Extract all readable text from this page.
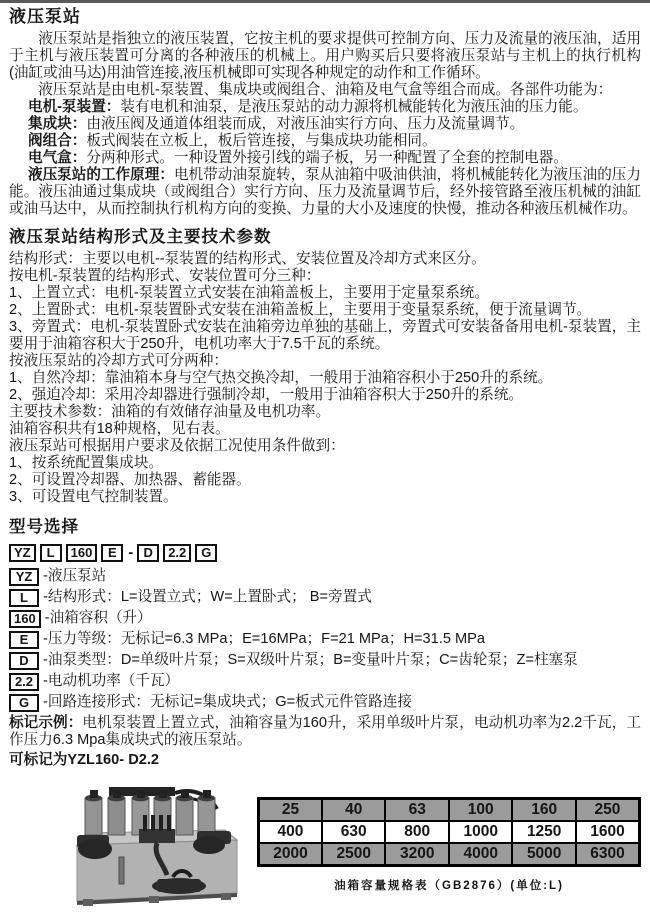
液压泵站

液压泵站是指独立的液压装置，它按主机的要求提供可控制方向、压力及流量的液压油，适用于主机与液压装置可分离的各种液压的机械上。用户购买后只要将液压泵站与主机上的执行机构(油缸或油马达)用油管连接,液压机械即可实现各种规定的动作和工作循环。

液压泵站是由电机-泵装置、集成块或阀组合、油箱及电气盒等组合而成。各部件功能为：

电机-泵装置：装有电机和油泵，是液压泵站的动力源将机械能转化为液压油的压力能。

集成块：由液压阀及通道体组装而成，对液压油实行方向、压力及流量调节。

阀组合：板式阀装在立板上，板后管连接，与集成块功能相同。

电气盒：分两种形式。一种设置外接引线的端子板，另一种配置了全套的控制电器。

液压泵站的工作原理：电机带动油泵旋转，泵从油箱中吸油供油，将机械能转化为液压油的压力能。液压油通过集成块（或阀组合）实行方向、压力及流量调节后，经外接管路至液压机械的油缸或油马达中，从而控制执行机构方向的变换、力量的大小及速度的快慢，推动各种液压机械作功。

液压泵站结构形式及主要技术参数

结构形式：主要以电机--泵装置的结构形式、安装位置及冷却方式来区分。

按电机-泵装置的结构形式、安装位置可分三种：

1、上置立式：电机-泵装置立式安装在油箱盖板上，主要用于定量泵系统。

2、上置卧式：电机-泵装置卧式安装在油箱盖板上，主要用于变量泵系统，便于流量调节。

3、旁置式：电机-泵装置卧式安装在油箱旁边单独的基础上，旁置式可安装备备用电机-泵装置，主要用于油箱容积大于250升，电机功率大于7.5千瓦的系统。

按液压泵站的冷却方式可分两种：

1、自然冷却：靠油箱本身与空气热交换冷却，一般用于油箱容积小于250升的系统。

2、强迫冷却：采用冷却器进行强制冷却，一般用于油箱容积大于250升的系统。

主要技术参数：油箱的有效储存油量及电机功率。

油箱容积共有18种规格，见右表。

液压泵站可根据用户要求及依据工况使用条件做到：

1、按系统配置集成块。

2、可设置冷却器、加热器、蓄能器。

3、可设置电气控制装置。

型号选择
YZ	L	160	E - D	2.2	G
YZ -液压泵站
L	-结构形式：L=设置立式；W=上置卧式； B=旁置式
160 -油箱容积（升）
E	-压力等级：无标记=6.3 MPa；E=16MPa；F=21 MPa；H=31.5 MPa
D -油泵类型：D=单级叶片泵；S=双级叶片泵；B=变量叶片泵；C=齿轮泵；Z=柱塞泵
2.2 -电动机功率（千瓦）
G -回路连接形式：无标记=集成块式；G=板式元件管路连接

标记示例：电机泵装置上置立式，油箱容量为160升，采用单级叶片泵，电动机功率为2.2千瓦，工作压力6.3 Mpa集成块式的液压泵站。

可标记为YZL160- D2.2

25	40	63	100	160	250
400	630	800	1000	1250	1600
2000	2500	3200	4000	5000	6300
油箱容量规格表（GB2876）(单位:L)
